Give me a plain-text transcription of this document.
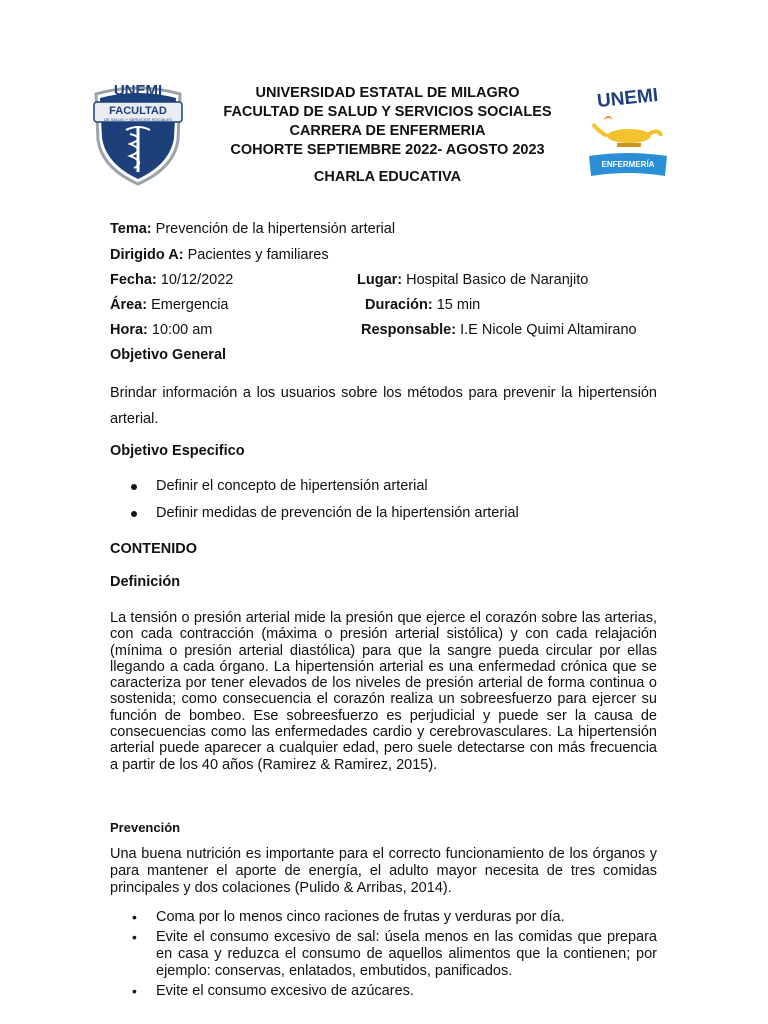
UNEMI
FACULTAD
DE SALUD Y SERVICIOS SOCIALES
UNEMI
ENFERMERÍA
UNIVERSIDAD ESTATAL DE MILAGRO
FACULTAD DE SALUD Y SERVICIOS SOCIALES
CARRERA DE ENFERMERIA
COHORTE SEPTIEMBRE 2022- AGOSTO 2023
CHARLA EDUCATIVA
Tema: Prevención de la hipertensión arterial
Dirigido A: Pacientes y familiares
Fecha: 10/12/2022	Lugar: Hospital Basico de Naranjito
Área: Emergencia	Duración: 15 min
Hora: 10:00 am	Responsable: I.E Nicole Quimi Altamirano
Objetivo General
Brindar información a los usuarios sobre los métodos para prevenir la hipertensión arterial.
Objetivo Especifico
Definir el concepto de hipertensión arterial
Definir medidas de prevención de la hipertensión arterial
CONTENIDO
Definición
La tensión o presión arterial mide la presión que ejerce el corazón sobre las arterias, con cada contracción (máxima o presión arterial sistólica) y con cada relajación (mínima o presión arterial diastólica) para que la sangre pueda circular por ellas llegando a cada órgano. La hipertensión arterial es una enfermedad crónica que se caracteriza por tener elevados de los niveles de presión arterial de forma continua o sostenida; como consecuencia el corazón realiza un sobreesfuerzo para ejercer su función de bombeo. Ese sobreesfuerzo es perjudicial y puede ser la causa de consecuencias como las enfermedades cardio y cerebrovasculares. La hipertensión arterial puede aparecer a cualquier edad, pero suele detectarse con más frecuencia a partir de los 40 años (Ramirez & Ramirez, 2015).
Prevención
Una buena nutrición es importante para el correcto funcionamiento de los órganos y para mantener el aporte de energía, el adulto mayor necesita de tres comidas principales y dos colaciones (Pulido & Arribas, 2014).
• Coma por lo menos cinco raciones de frutas y verduras por día.
• Evite el consumo excesivo de sal: úsela menos en las comidas que prepara en casa y reduzca el consumo de aquellos alimentos que la contienen; por ejemplo: conservas, enlatados, embutidos, panificados.
• Evite el consumo excesivo de azúcares.
